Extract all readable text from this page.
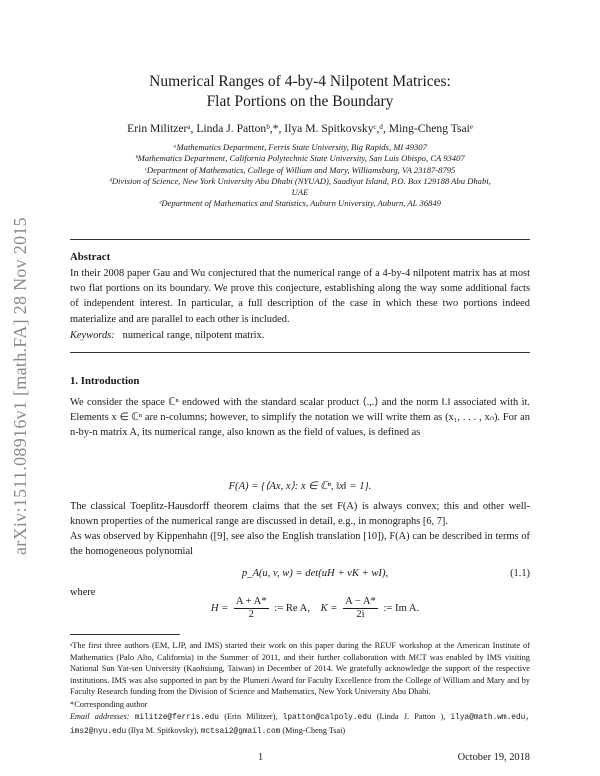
arXiv:1511.08916v1 [math.FA] 28 Nov 2015
Numerical Ranges of 4-by-4 Nilpotent Matrices:
Flat Portions on the Boundary
Erin Militzerᵃ, Linda J. Pattonᵇ,*, Ilya M. Spitkovskyᶜ,ᵈ, Ming-Cheng Tsaiᵉ
ᵃMathematics Department, Ferris State University, Big Rapids, MI 49307
ᵇMathematics Department, California Polytechnic State University, San Luis Obispo, CA 93407
ᶜDepartment of Mathematics, College of William and Mary, Williamsburg, VA 23187-8795
ᵈDivision of Science, New York University Abu Dhabi (NYUAD), Saadiyat Island, P.O. Box 129188 Abu Dhabi,
UAE
ᵉDepartment of Mathematics and Statistics, Auburn University, Auburn, AL 36849
Abstract
In their 2008 paper Gau and Wu conjectured that the numerical range of a 4-by-4 nilpotent matrix has at most two flat portions on its boundary. We prove this conjecture, establishing along the way some additional facts of independent interest. In particular, a full description of the case in which these two portions indeed materialize and are parallel to each other is included.
Keywords: numerical range, nilpotent matrix.
1. Introduction
We consider the space ℂⁿ endowed with the standard scalar product ⟨.,.⟩ and the norm ‖.‖ associated with it. Elements x ∈ ℂⁿ are n-columns; however, to simplify the notation we will write them as (x₁, . . . , xₙ). For an n-by-n matrix A, its numerical range, also known as the field of values, is defined as
F(A) = {⟨Ax, x⟩: x ∈ ℂⁿ, ‖x‖ = 1}.
The classical Toeplitz-Hausdorff theorem claims that the set F(A) is always convex; this and other well-known properties of the numerical range are discussed in detail, e.g., in monographs [6, 7].
As was observed by Kippenhahn ([9], see also the English translation [10]), F(A) can be described in terms of the homogeneous polynomial
p_A(u, v, w) = det(uH + vK + wI),	(1.1)
where
$H = \frac{A + A*}{2}$ := Re A, $K = \frac{A - A*}{2i}$ := Im A.
ᵃThe first three authors (EM, LJP, and IMS) started their work on this paper during the REUF workshop at the American Institute of Mathematics (Palo Alto, California) in the Summer of 2011, and their further collaboration with MCT was enabled by IMS visiting National Sun Yat-sen University (Kaohsiung, Taiwan) in December of 2014. We gratefully acknowledge the support of the respective institutions. IMS was also supported in part by the Plumeri Award for Faculty Excellence from the College of William and Mary and by Faculty Research funding from the Division of Science and Mathematics, New York University Abu Dhabi.
*Corresponding author
Email addresses: militze@ferris.edu (Erin Militzer), lpatton@calpoly.edu (Linda J. Patton ), ilya@math.wm.edu, ims2@nyu.edu (Ilya M. Spitkovsky), mctsai2@gmail.com (Ming-Cheng Tsai)
1	October 19, 2018
